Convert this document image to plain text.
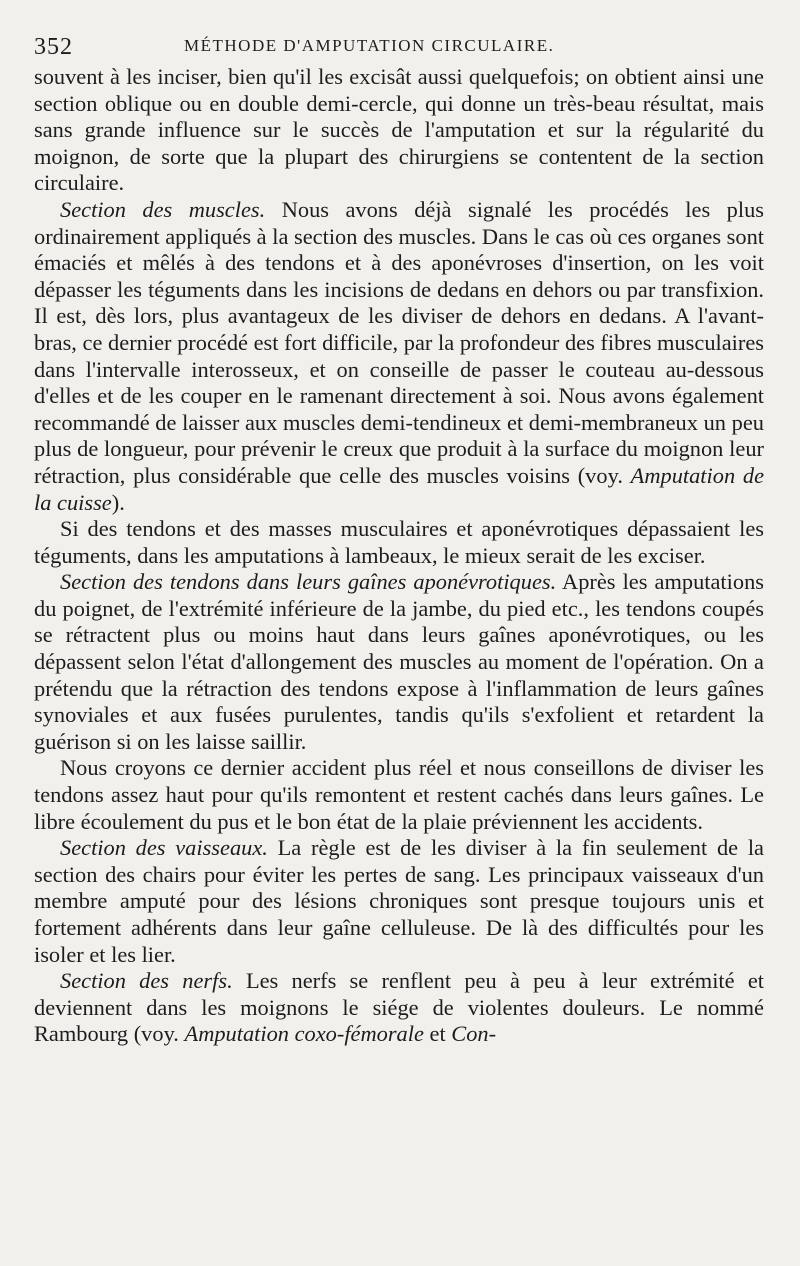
352	MÉTHODE D'AMPUTATION CIRCULAIRE.

souvent à les inciser, bien qu'il les excisât aussi quelquefois; on obtient ainsi une section oblique ou en double demi-cercle, qui donne un très-beau résultat, mais sans grande influence sur le succès de l'amputation et sur la régularité du moignon, de sorte que la plupart des chirurgiens se contentent de la section circulaire.

Section des muscles. Nous avons déjà signalé les procédés les plus ordinairement appliqués à la section des muscles. Dans le cas où ces organes sont émaciés et mêlés à des tendons et à des aponévroses d'insertion, on les voit dépasser les téguments dans les incisions de dedans en dehors ou par transfixion. Il est, dès lors, plus avantageux de les diviser de dehors en dedans. A l'avant-bras, ce dernier procédé est fort difficile, par la profondeur des fibres musculaires dans l'intervalle interosseux, et on conseille de passer le couteau au-dessous d'elles et de les couper en le ramenant directement à soi. Nous avons également recommandé de laisser aux muscles demi-tendineux et demi-membraneux un peu plus de longueur, pour prévenir le creux que produit à la surface du moignon leur rétraction, plus considérable que celle des muscles voisins (voy. Amputation de la cuisse).

Si des tendons et des masses musculaires et aponévrotiques dépassaient les téguments, dans les amputations à lambeaux, le mieux serait de les exciser.

Section des tendons dans leurs gaînes aponévrotiques. Après les amputations du poignet, de l'extrémité inférieure de la jambe, du pied etc., les tendons coupés se rétractent plus ou moins haut dans leurs gaînes aponévrotiques, ou les dépassent selon l'état d'allongement des muscles au moment de l'opération. On a prétendu que la rétraction des tendons expose à l'inflammation de leurs gaînes synoviales et aux fusées purulentes, tandis qu'ils s'exfolient et retardent la guérison si on les laisse saillir.

Nous croyons ce dernier accident plus réel et nous conseillons de diviser les tendons assez haut pour qu'ils remontent et restent cachés dans leurs gaînes. Le libre écoulement du pus et le bon état de la plaie préviennent les accidents.

Section des vaisseaux. La règle est de les diviser à la fin seulement de la section des chairs pour éviter les pertes de sang. Les principaux vaisseaux d'un membre amputé pour des lésions chroniques sont presque toujours unis et fortement adhérents dans leur gaîne celluleuse. De là des difficultés pour les isoler et les lier.

Section des nerfs. Les nerfs se renflent peu à peu à leur extrémité et deviennent dans les moignons le siége de violentes douleurs. Le nommé Rambourg (voy. Amputation coxo-fémorale et Con-
